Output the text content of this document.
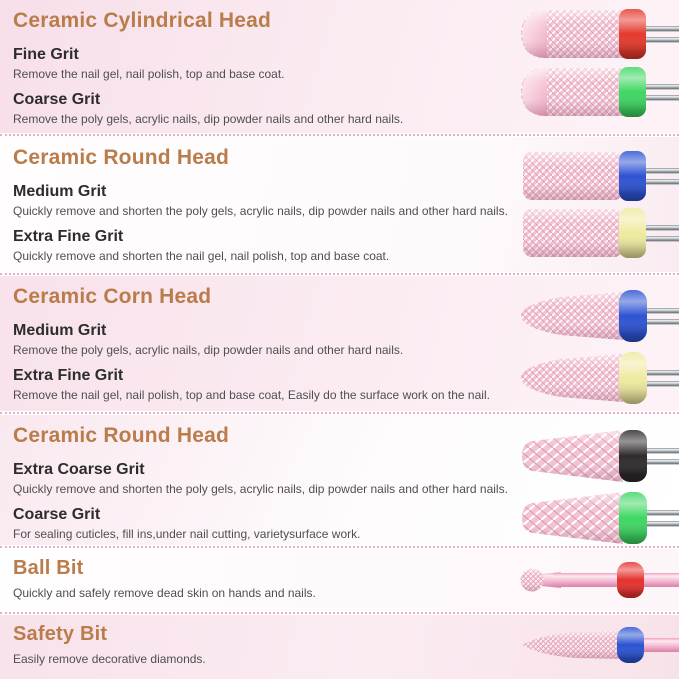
Ceramic Cylindrical Head
Fine Grit

Remove the nail gel, nail polish, top and base coat.

Coarse Grit

Remove the poly gels, acrylic nails, dip powder nails and other hard nails.

Ceramic Round Head
Medium Grit

Quickly remove and shorten the poly gels, acrylic nails, dip powder nails and other hard nails.

Extra Fine Grit

Quickly remove and shorten the nail gel, nail polish, top and base coat.

Ceramic Corn Head
Medium Grit

Remove the poly gels, acrylic nails, dip powder nails and other hard nails.

Extra Fine Grit

Remove the nail gel, nail polish, top and base coat, Easily do the surface work on the nail.

Ceramic Round Head
Extra Coarse Grit

Quickly remove and shorten the poly gels, acrylic nails, dip powder nails and other hard nails.

Coarse Grit

For sealing cuticles, fill ins,under nail cutting, varietysurface work.

Ball Bit

Quickly and safely remove dead skin on hands and nails.

Safety Bit

Easily remove decorative diamonds.
